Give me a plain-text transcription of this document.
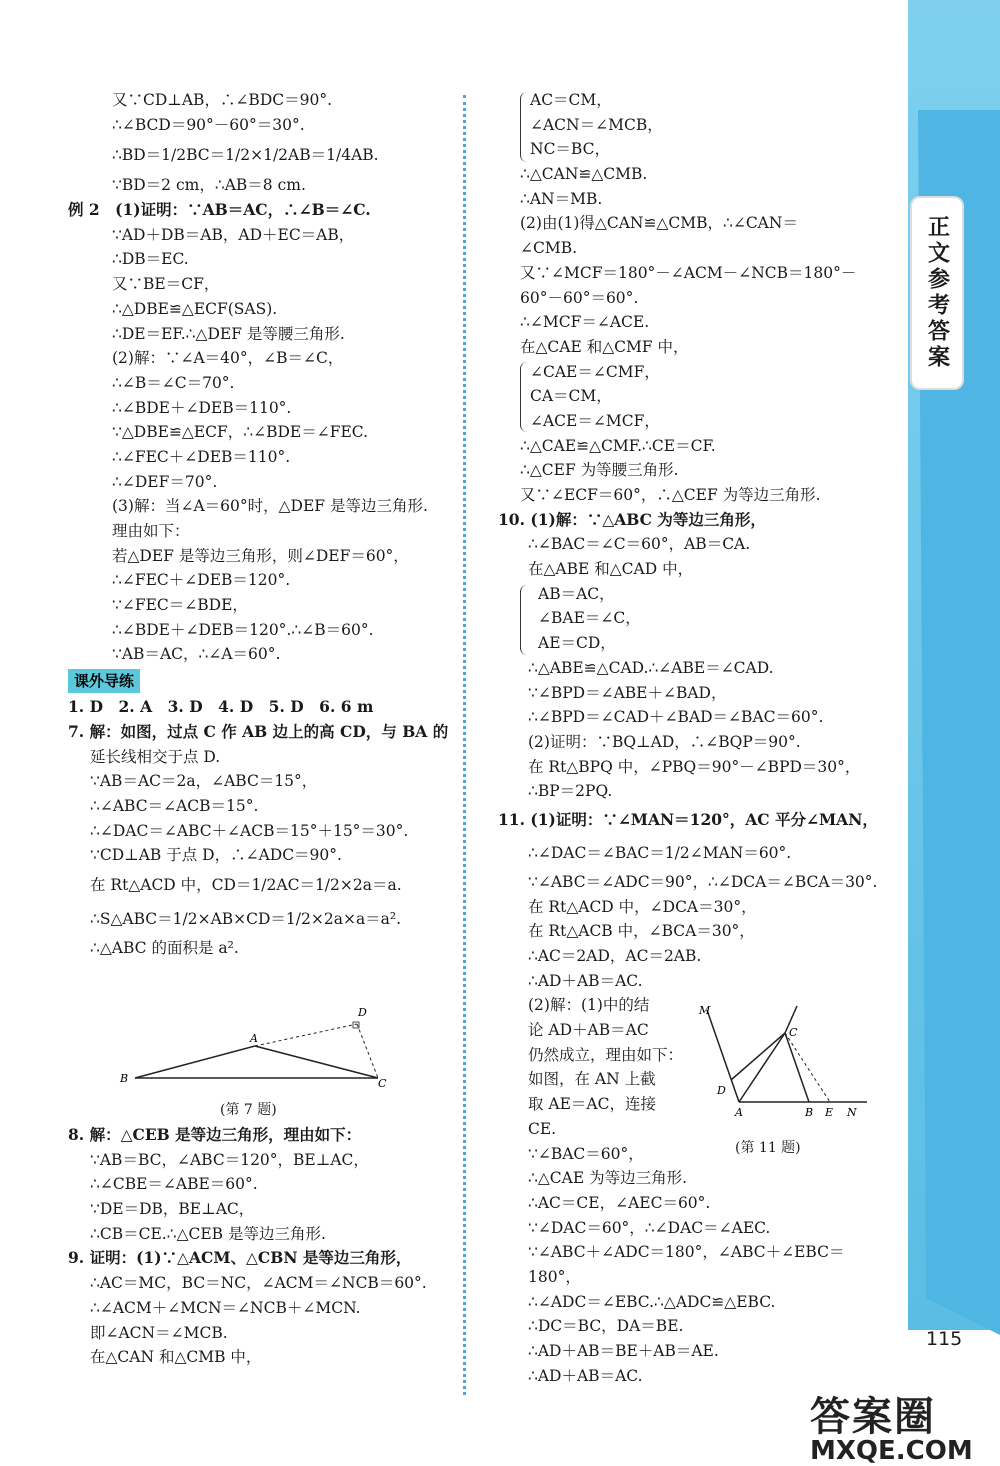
正文参考答案
115
又∵CD⊥AB，∴∠BDC＝90°.
∴∠BCD＝90°－60°＝30°.
∴BD＝1/2BC＝1/2×1/2AB＝1/4AB.
∵BD＝2 cm，∴AB＝8 cm.
例 2　(1)证明：∵AB＝AC，∴∠B＝∠C.
∵AD＋DB＝AB，AD＋EC＝AB，
∴DB＝EC.
又∵BE＝CF，
∴△DBE≌△ECF(SAS).
∴DE＝EF.∴△DEF 是等腰三角形.
(2)解：∵∠A＝40°，∠B＝∠C，
∴∠B＝∠C＝70°.
∴∠BDE＋∠DEB＝110°.
∵△DBE≌△ECF，∴∠BDE＝∠FEC.
∴∠FEC＋∠DEB＝110°.
∴∠DEF＝70°.
(3)解：当∠A＝60°时，△DEF 是等边三角形.
理由如下：
若△DEF 是等边三角形，则∠DEF＝60°，
∴∠FEC＋∠DEB＝120°.
∵∠FEC＝∠BDE，
∴∠BDE＋∠DEB＝120°.∴∠B＝60°.
∵AB＝AC，∴∠A＝60°.
课外导练
1. D　2. A　3. D　4. D　5. D　6. 6 m
7. 解：如图，过点 C 作 AB 边上的高 CD，与 BA 的
延长线相交于点 D.
∵AB＝AC＝2a，∠ABC＝15°，
∴∠ABC＝∠ACB＝15°.
∴∠DAC＝∠ABC＋∠ACB＝15°＋15°＝30°.
∵CD⊥AB 于点 D，∴∠ADC＝90°.
在 Rt△ACD 中，CD＝1/2AC＝1/2×2a＝a.
∴S△ABC＝1/2×AB×CD＝1/2×2a×a＝a².
∴△ABC 的面积是 a².
D
A
B	C
(第 7 题)
8. 解：△CEB 是等边三角形，理由如下：
∵AB＝BC，∠ABC＝120°，BE⊥AC，
∴∠CBE＝∠ABE＝60°.
∵DE＝DB，BE⊥AC，
∴CB＝CE.∴△CEB 是等边三角形.
9. 证明：(1)∵△ACM、△CBN 是等边三角形，
∴AC＝MC，BC＝NC，∠ACM＝∠NCB＝60°.
∴∠ACM＋∠MCN＝∠NCB＋∠MCN.
即∠ACN＝∠MCB.
在△CAN 和△CMB 中，
AC＝CM，
∠ACN＝∠MCB，
NC＝BC，
∴△CAN≌△CMB.
∴AN＝MB.
(2)由(1)得△CAN≌△CMB，∴∠CAN＝
∠CMB.
又∵∠MCF＝180°－∠ACM－∠NCB＝180°－
60°－60°＝60°.
∴∠MCF＝∠ACE.
在△CAE 和△CMF 中，
∠CAE＝∠CMF，
CA＝CM，
∠ACE＝∠MCF，
∴△CAE≌△CMF.∴CE＝CF.
∴△CEF 为等腰三角形.
又∵∠ECF＝60°，∴△CEF 为等边三角形.
10. (1)解：∵△ABC 为等边三角形，
∴∠BAC＝∠C＝60°，AB＝CA.
在△ABE 和△CAD 中，
AB＝AC，
∠BAE＝∠C，
AE＝CD，
∴△ABE≌△CAD.∴∠ABE＝∠CAD.
∵∠BPD＝∠ABE＋∠BAD，
∴∠BPD＝∠CAD＋∠BAD＝∠BAC＝60°.
(2)证明：∵BQ⊥AD，∴∠BQP＝90°.
在 Rt△BPQ 中，∠PBQ＝90°－∠BPD＝30°，
∴BP＝2PQ.
11. (1)证明：∵∠MAN＝120°，AC 平分∠MAN，
∴∠DAC＝∠BAC＝1/2∠MAN＝60°.
∵∠ABC＝∠ADC＝90°，∴∠DCA＝∠BCA＝30°.
在 Rt△ACD 中，∠DCA＝30°，
在 Rt△ACB 中，∠BCA＝30°，
∴AC＝2AD，AC＝2AB.
∴AD＋AB＝AC.
(2)解：(1)中的结
论 AD＋AB＝AC
仍然成立，理由如下：
如图，在 AN 上截
取 AE＝AC，连接
CE.
∵∠BAC＝60°，
∴△CAE 为等边三角形.
∴AC＝CE，∠AEC＝60°.
∵∠DAC＝60°，∴∠DAC＝∠AEC.
∵∠ABC＋∠ADC＝180°，∠ABC＋∠EBC＝
180°，
∴∠ADC＝∠EBC.∴△ADC≌△EBC.
∴DC＝BC，DA＝BE.
∴AD＋AB＝BE＋AB＝AE.
∴AD＋AB＝AC.
M
C
D
A	B E N
(第 11 题)
答案圈
MXQE.COM
